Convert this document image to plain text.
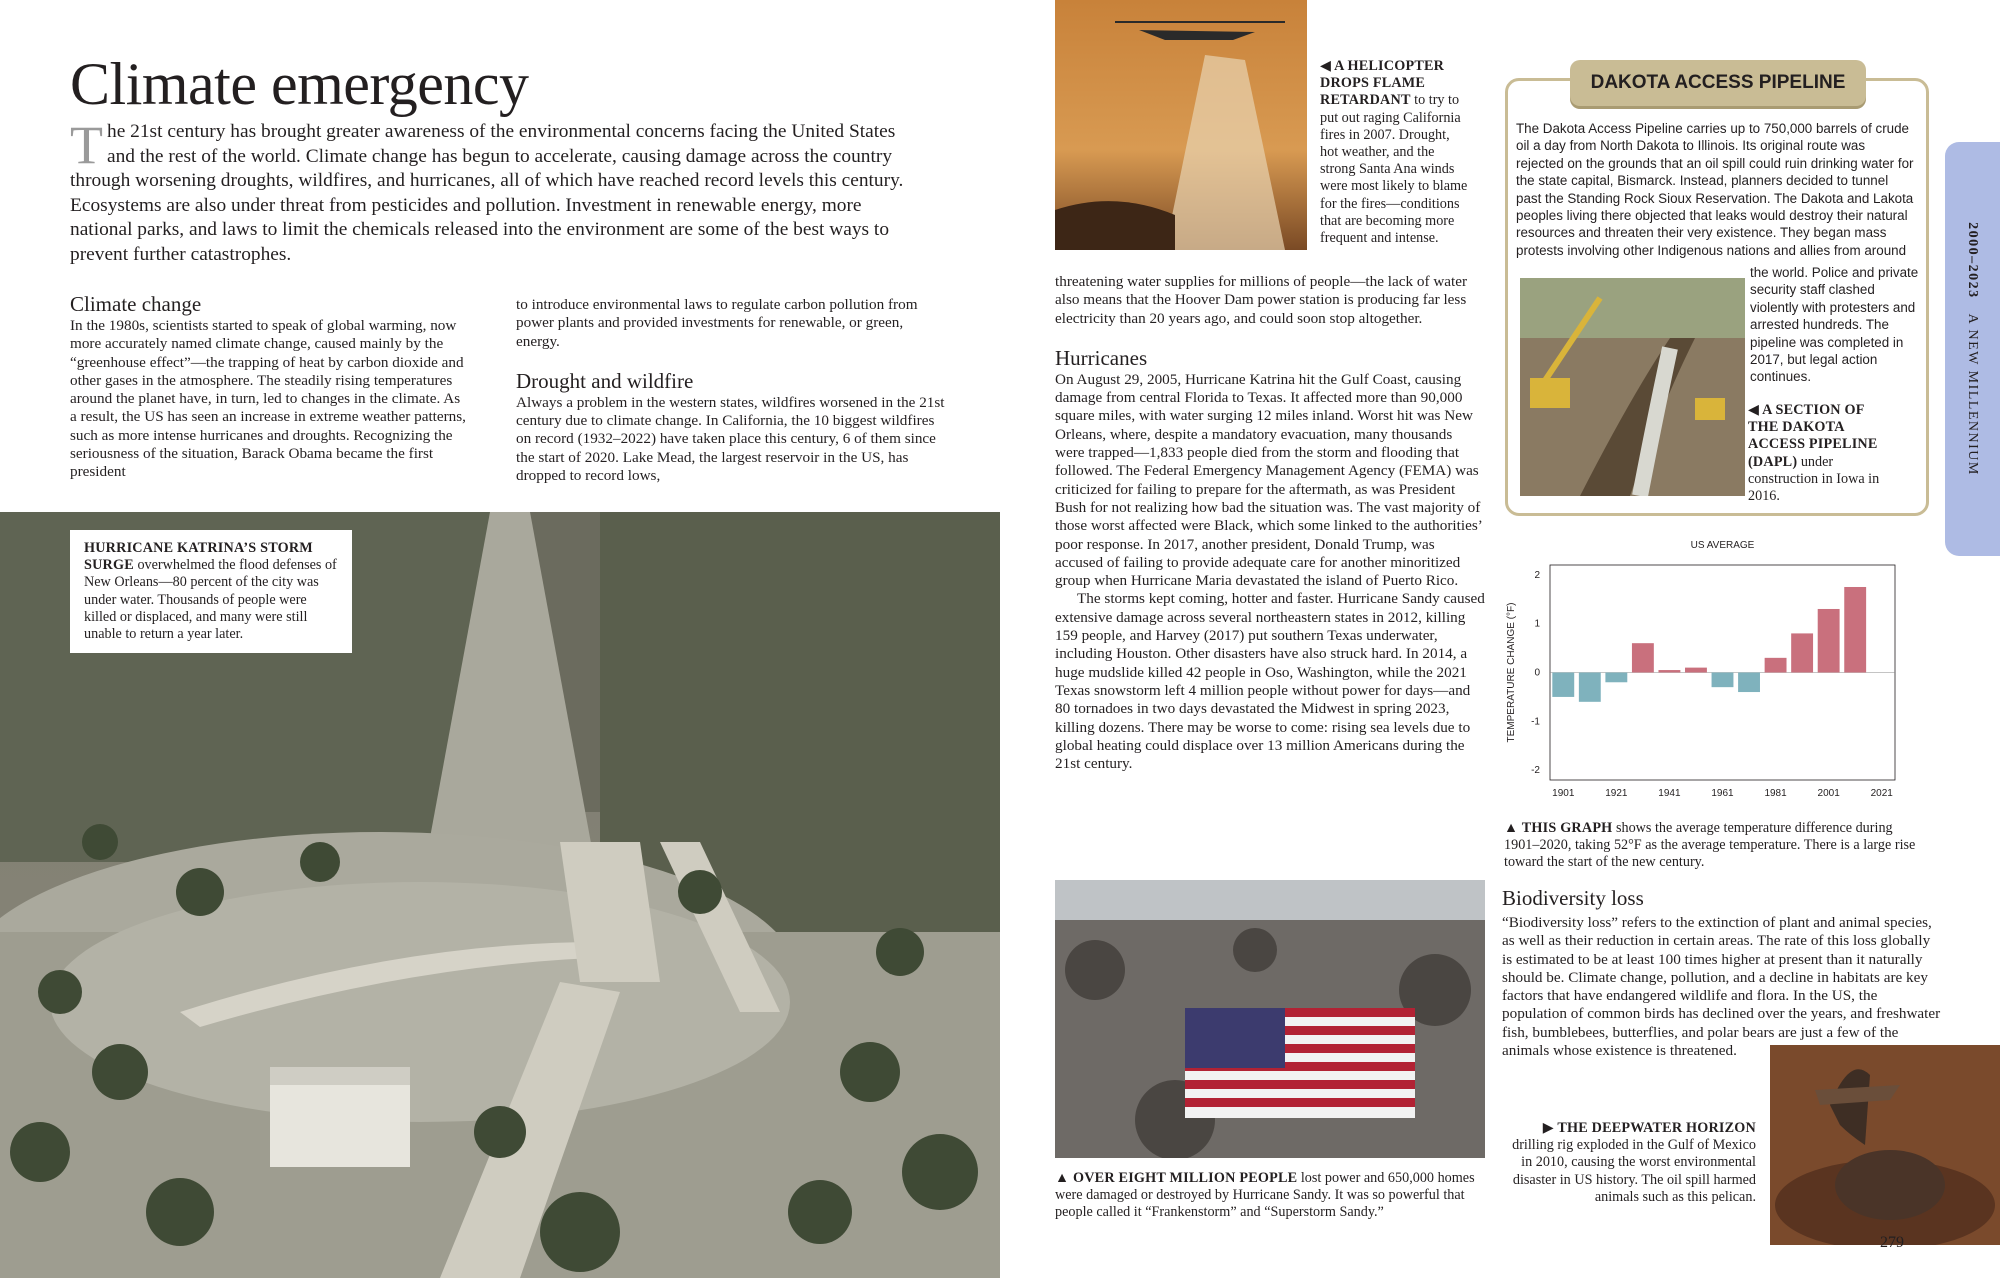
Climate emergency

The 21st century has brought greater awareness of the environmental concerns facing the United States and the rest of the world. Climate change has begun to accelerate, causing damage across the country through worsening droughts, wildfires, and hurricanes, all of which have reached record levels this century. Ecosystems are also under threat from pesticides and pollution. Investment in renewable energy, more national parks, and laws to limit the chemicals released into the environment are some of the best ways to prevent further catastrophes.

Climate change

In the 1980s, scientists started to speak of global warming, now more accurately named climate change, caused mainly by the “greenhouse effect”—the trapping of heat by carbon dioxide and other gases in the atmosphere. The steadily rising temperatures around the planet have, in turn, led to changes in the climate. As a result, the US has seen an increase in extreme weather patterns, such as more intense hurricanes and droughts. Recognizing the seriousness of the situation, Barack Obama became the first president

to introduce environmental laws to regulate carbon pollution from power plants and provided investments for renewable, or green, energy.

Drought and wildfire

Always a problem in the western states, wildfires worsened in the 21st century due to climate change. In California, the 10 biggest wildfires on record (1932–2022) have taken place this century, 6 of them since the start of 2020. Lake Mead, the largest reservoir in the US, has dropped to record lows,

HURRICANE KATRINA’S STORM SURGE overwhelmed the flood defenses of New Orleans—80 percent of the city was under water. Thousands of people were killed or displaced, and many were still unable to return a year later.

◀ A HELICOPTER DROPS FLAME RETARDANT to try to put out raging California fires in 2007. Drought, hot weather, and the strong Santa Ana winds were most likely to blame for the fires—conditions that are becoming more frequent and intense.

threatening water supplies for millions of people—the lack of water also means that the Hoover Dam power station is producing far less electricity than 20 years ago, and could soon stop altogether.

Hurricanes

On August 29, 2005, Hurricane Katrina hit the Gulf Coast, causing damage from central Florida to Texas. It affected more than 90,000 square miles, with water surging 12 miles inland. Worst hit was New Orleans, where, despite a mandatory evacuation, many thousands were trapped—1,833 people died from the storm and flooding that followed. The Federal Emergency Management Agency (FEMA) was criticized for failing to prepare for the aftermath, as was President Bush for not realizing how bad the situation was. The vast majority of those worst affected were Black, which some linked to the authorities’ poor response. In 2017, another president, Donald Trump, was accused of failing to provide adequate care for another minoritized group when Hurricane Maria devastated the island of Puerto Rico.

The storms kept coming, hotter and faster. Hurricane Sandy caused extensive damage across several northeastern states in 2012, killing 159 people, and Harvey (2017) put southern Texas underwater, including Houston. Other disasters have also struck hard. In 2014, a huge mudslide killed 42 people in Oso, Washington, while the 2021 Texas snowstorm left 4 million people without power for days—and 80 tornadoes in two days devastated the Midwest in spring 2023, killing dozens. There may be worse to come: rising sea levels due to global heating could displace over 13 million Americans during the 21st century.

▲ OVER EIGHT MILLION PEOPLE lost power and 650,000 homes were damaged or destroyed by Hurricane Sandy. It was so powerful that people called it “Frankenstorm” and “Superstorm Sandy.”

DAKOTA ACCESS PIPELINE

The Dakota Access Pipeline carries up to 750,000 barrels of crude oil a day from North Dakota to Illinois. Its original route was rejected on the grounds that an oil spill could ruin drinking water for the state capital, Bismarck. Instead, planners decided to tunnel past the Standing Rock Sioux Reservation. The Dakota and Lakota peoples living there objected that leaks would destroy their natural resources and threaten their very existence. They began mass protests involving other Indigenous nations and allies from around

the world. Police and private security staff clashed violently with protesters and arrested hundreds. The pipeline was completed in 2017, but legal action continues.

◀ A SECTION OF THE DAKOTA ACCESS PIPELINE (DAPL) under construction in Iowa in 2016.

US AVERAGE
-2
-1
0
1
2
1901	1921	1941	1961	1981	2001	2021
TEMPERATURE CHANGE (°F)

▲ THIS GRAPH shows the average temperature difference during 1901–2020, taking 52°F as the average temperature. There is a large rise toward the start of the new century.

Biodiversity loss

“Biodiversity loss” refers to the extinction of plant and animal species, as well as their reduction in certain areas. The rate of this loss globally is estimated to be at least 100 times higher at present than it naturally should be. Climate change, pollution, and a decline in habitats are key factors that have endangered wildlife and flora. In the US, the population of common birds has declined over the years, and freshwater fish, bumblebees, butterflies, and polar bears are just a few of the animals whose existence is threatened.

▶ THE DEEPWATER HORIZON drilling rig exploded in the Gulf of Mexico in 2010, causing the worst environmental disaster in US history. The oil spill harmed animals such as this pelican.

2000–2023   A NEW MILLENNIUM
279
